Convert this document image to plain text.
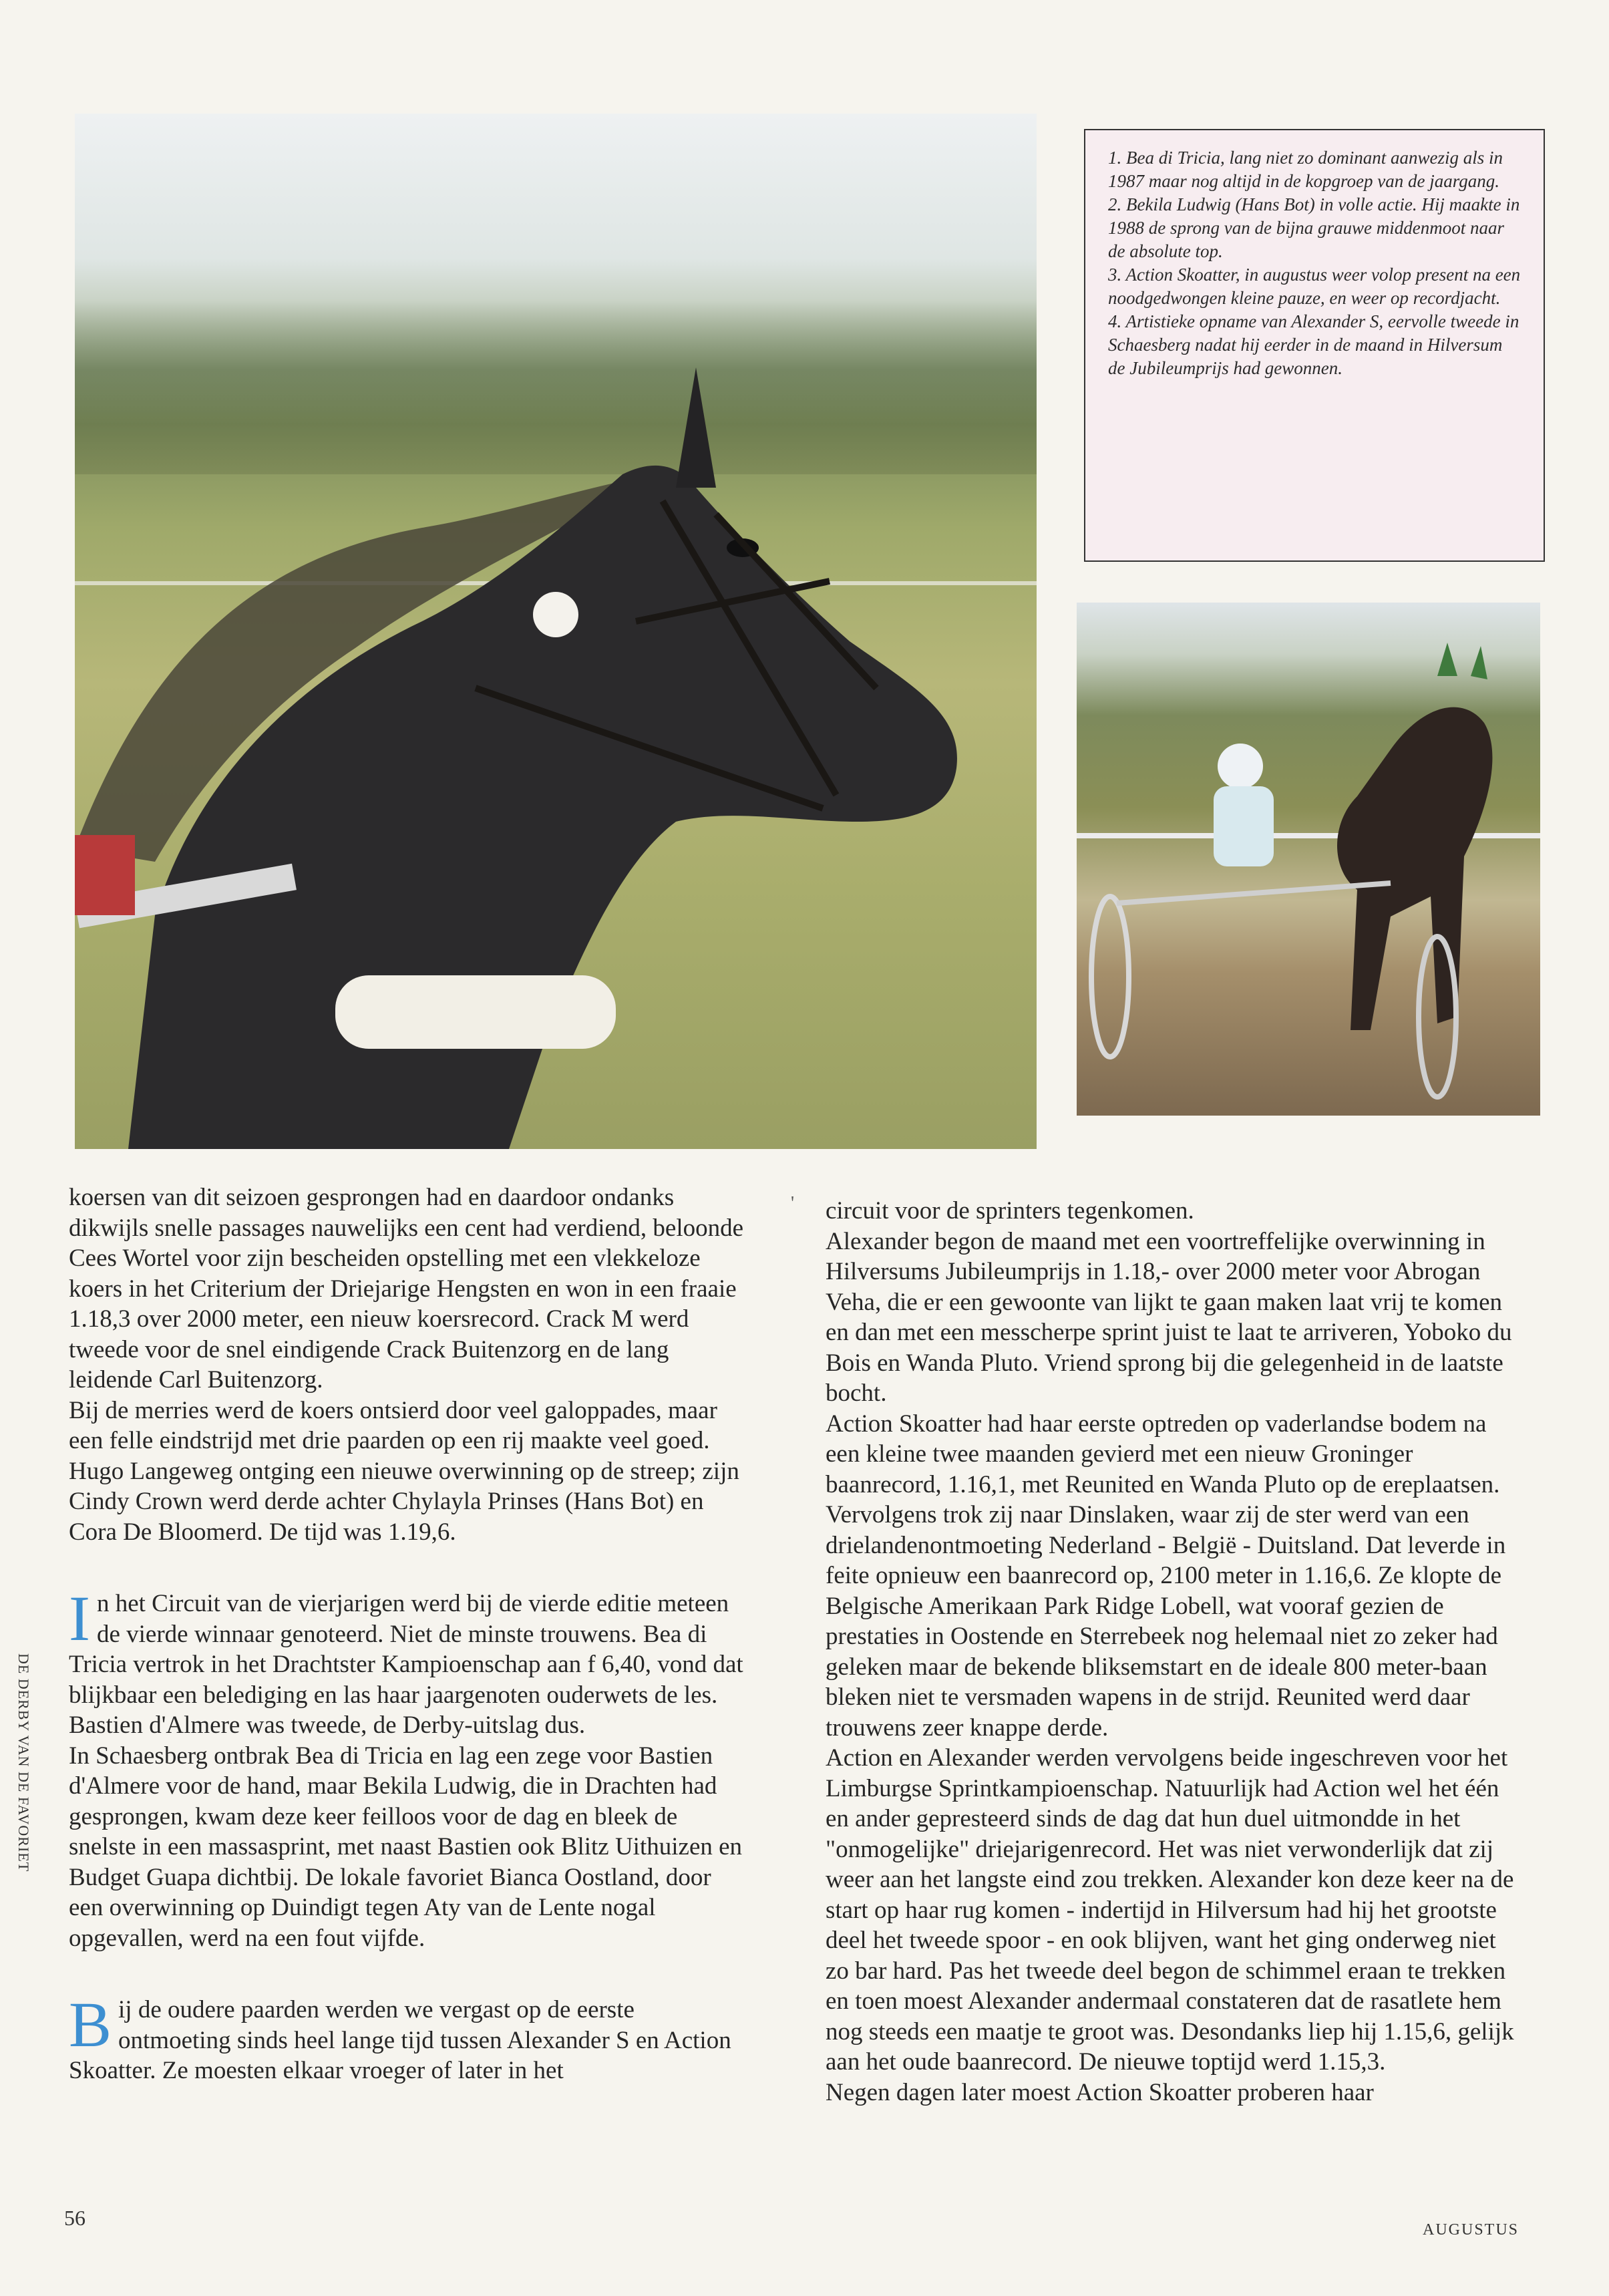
1. Bea di Tricia, lang niet zo dominant aanwezig als in 1987 maar nog altijd in de kopgroep van de jaargang.

2. Bekila Ludwig (Hans Bot) in volle actie. Hij maakte in 1988 de sprong van de bijna grauwe middenmoot naar de absolute top.

3. Action Skoatter, in augustus weer volop present na een noodgedwongen kleine pauze, en weer op recordjacht.

4. Artistieke opname van Alexander S, eervolle tweede in Schaesberg nadat hij eerder in de maand in Hilversum de Jubileumprijs had gewonnen.

'

koersen van dit seizoen gesprongen had en daardoor ondanks dikwijls snelle passages nauwelijks een cent had verdiend, beloonde Cees Wortel voor zijn bescheiden opstelling met een vlekkeloze koers in het Criterium der Driejarige Hengsten en won in een fraaie 1.18,3 over 2000 meter, een nieuw koersrecord. Crack M werd tweede voor de snel eindigende Crack Buitenzorg en de lang leidende Carl Buitenzorg.

Bij de merries werd de koers ontsierd door veel galoppades, maar een felle eindstrijd met drie paarden op een rij maakte veel goed. Hugo Langeweg ontging een nieuwe overwinning op de streep; zijn Cindy Crown werd derde achter Chylayla Prinses (Hans Bot) en Cora De Bloomerd. De tijd was 1.19,6.

In het Circuit van de vierjarigen werd bij de vierde editie meteen de vierde winnaar genoteerd. Niet de minste trouwens. Bea di Tricia vertrok in het Drachtster Kampioenschap aan f 6,40, vond dat blijkbaar een belediging en las haar jaargenoten ouderwets de les. Bastien d'Almere was tweede, de Derby-uitslag dus.

In Schaesberg ontbrak Bea di Tricia en lag een zege voor Bastien d'Almere voor de hand, maar Bekila Ludwig, die in Drachten had gesprongen, kwam deze keer feilloos voor de dag en bleek de snelste in een massasprint, met naast Bastien ook Blitz Uithuizen en Budget Guapa dichtbij. De lokale favoriet Bianca Oostland, door een overwinning op Duindigt tegen Aty van de Lente nogal opgevallen, werd na een fout vijfde.

Bij de oudere paarden werden we vergast op de eerste ontmoeting sinds heel lange tijd tussen Alexander S en Action Skoatter. Ze moesten elkaar vroeger of later in het

circuit voor de sprinters tegenkomen.

Alexander begon de maand met een voortreffelijke overwinning in Hilversums Jubileumprijs in 1.18,- over 2000 meter voor Abrogan Veha, die er een gewoonte van lijkt te gaan maken laat vrij te komen en dan met een messcherpe sprint juist te laat te arriveren, Yoboko du Bois en Wanda Pluto. Vriend sprong bij die gelegenheid in de laatste bocht.

Action Skoatter had haar eerste optreden op vaderlandse bodem na een kleine twee maanden gevierd met een nieuw Groninger baanrecord, 1.16,1, met Reunited en Wanda Pluto op de ereplaatsen. Vervolgens trok zij naar Dinslaken, waar zij de ster werd van een drielandenontmoeting Nederland - België - Duitsland. Dat leverde in feite opnieuw een baanrecord op, 2100 meter in 1.16,6. Ze klopte de Belgische Amerikaan Park Ridge Lobell, wat vooraf gezien de prestaties in Oostende en Sterrebeek nog helemaal niet zo zeker had geleken maar de bekende bliksemstart en de ideale 800 meter-baan bleken niet te versmaden wapens in de strijd. Reunited werd daar trouwens zeer knappe derde.

Action en Alexander werden vervolgens beide ingeschreven voor het Limburgse Sprintkampioenschap. Natuurlijk had Action wel het één en ander gepresteerd sinds de dag dat hun duel uitmondde in het "onmogelijke" driejarigenrecord. Het was niet verwonderlijk dat zij weer aan het langste eind zou trekken. Alexander kon deze keer na de start op haar rug komen - indertijd in Hilversum had hij het grootste deel het tweede spoor - en ook blijven, want het ging onderweg niet zo bar hard. Pas het tweede deel begon de schimmel eraan te trekken en toen moest Alexander andermaal constateren dat de rasatlete hem nog steeds een maatje te groot was. Desondanks liep hij 1.15,6, gelijk aan het oude baanrecord. De nieuwe toptijd werd 1.15,3.

Negen dagen later moest Action Skoatter proberen haar

DE DERBY VAN DE FAVORIET
56	AUGUSTUS
